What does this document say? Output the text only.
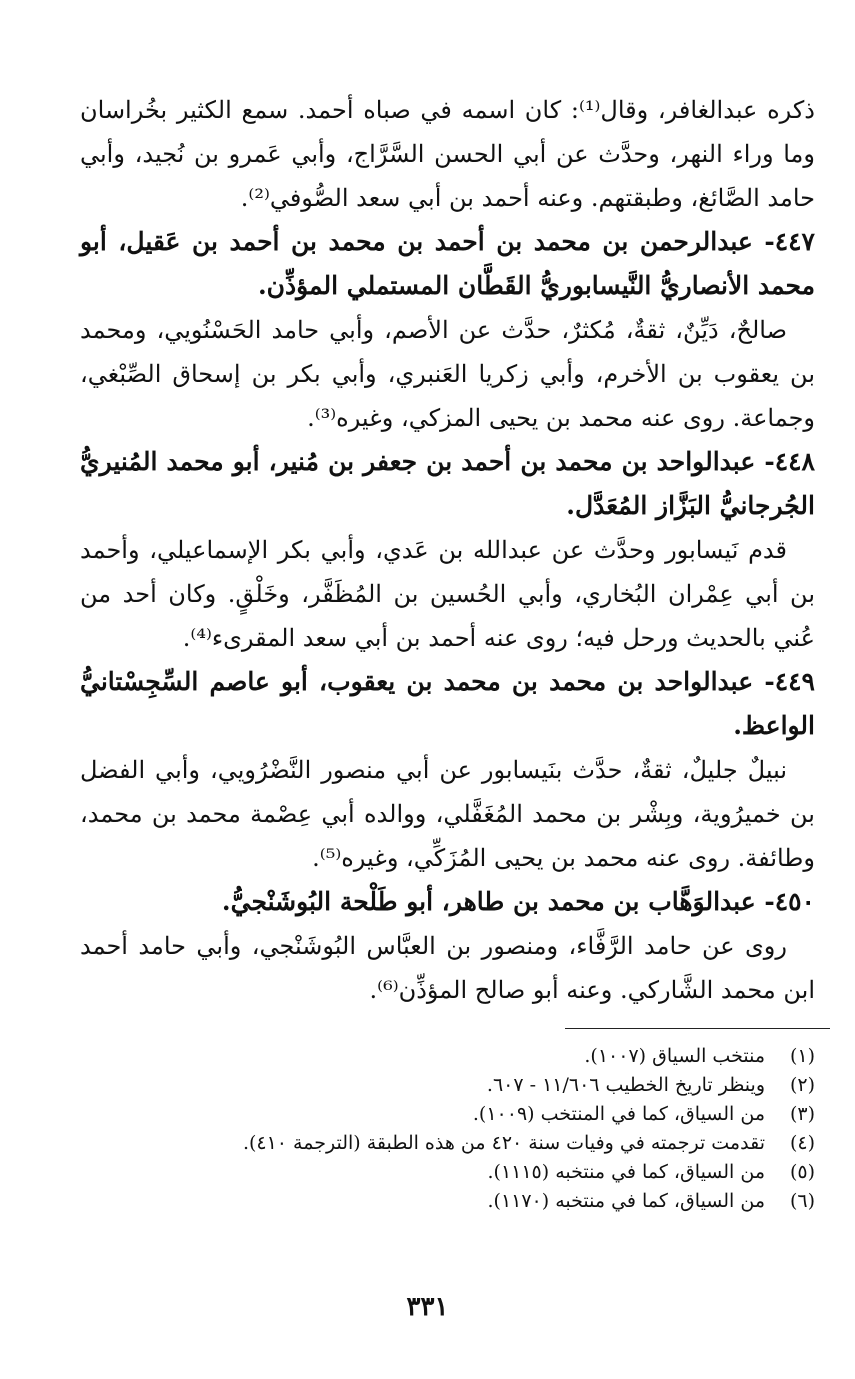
ذكره عبدالغافر، وقال⁽¹⁾: كان اسمه في صباه أحمد. سمع الكثير بخُراسان وما وراء النهر، وحدَّث عن أبي الحسن السَّرَّاج، وأبي عَمرو بن نُجيد، وأبي حامد الصَّائغ، وطبقتهم. وعنه أحمد بن أبي سعد الصُّوفي⁽²⁾.

٤٤٧- عبدالرحمن بن محمد بن أحمد بن محمد بن أحمد بن عَقيل، أبو محمد الأنصاريُّ النَّيسابوريُّ القَطَّان المستملي المؤذِّن.

صالحٌ، دَيِّنٌ، ثقةٌ، مُكثرٌ، حدَّث عن الأصم، وأبي حامد الحَسْنُويي، ومحمد بن يعقوب بن الأخرم، وأبي زكريا العَنبري، وأبي بكر بن إسحاق الصِّبْغي، وجماعة. روى عنه محمد بن يحيى المزكي، وغيره⁽³⁾.

٤٤٨- عبدالواحد بن محمد بن أحمد بن جعفر بن مُنير، أبو محمد المُنيريُّ الجُرجانيُّ البَزَّاز المُعَدَّل.

قدم نَيسابور وحدَّث عن عبدالله بن عَدي، وأبي بكر الإسماعيلي، وأحمد بن أبي عِمْران البُخاري، وأبي الحُسين بن المُظَفَّر، وخَلْقٍ. وكان أحد من عُني بالحديث ورحل فيه؛ روى عنه أحمد بن أبي سعد المقرىء⁽⁴⁾.

٤٤٩- عبدالواحد بن محمد بن محمد بن يعقوب، أبو عاصم السِّجِسْتانيُّ الواعظ.

نبيلٌ جليلٌ، ثقةٌ، حدَّث بنَيسابور عن أبي منصور النَّضْرُويي، وأبي الفضل بن خميرُوية، وبِشْر بن محمد المُغَفَّلي، ووالده أبي عِصْمة محمد بن محمد، وطائفة. روى عنه محمد بن يحيى المُزَكِّي، وغيره⁽⁵⁾.

٤٥٠- عبدالوَهَّاب بن محمد بن طاهر، أبو طَلْحة البُوشَنْجيُّ.

روى عن حامد الرَّفَّاء، ومنصور بن العبَّاس البُوشَنْجي، وأبي حامد أحمد ابن محمد الشَّاركي. وعنه أبو صالح المؤذِّن⁽⁶⁾.

(١)
منتخب السياق (١٠٠٧).
(٢)
وينظر تاريخ الخطيب ١١/٦٠٦ - ٦٠٧.
(٣)
من السياق، كما في المنتخب (١٠٠٩).
(٤)
تقدمت ترجمته في وفيات سنة ٤٢٠ من هذه الطبقة (الترجمة ٤١٠).
(٥)
من السياق، كما في منتخبه (١١١٥).
(٦)
من السياق، كما في منتخبه (١١٧٠).
٣٣١
